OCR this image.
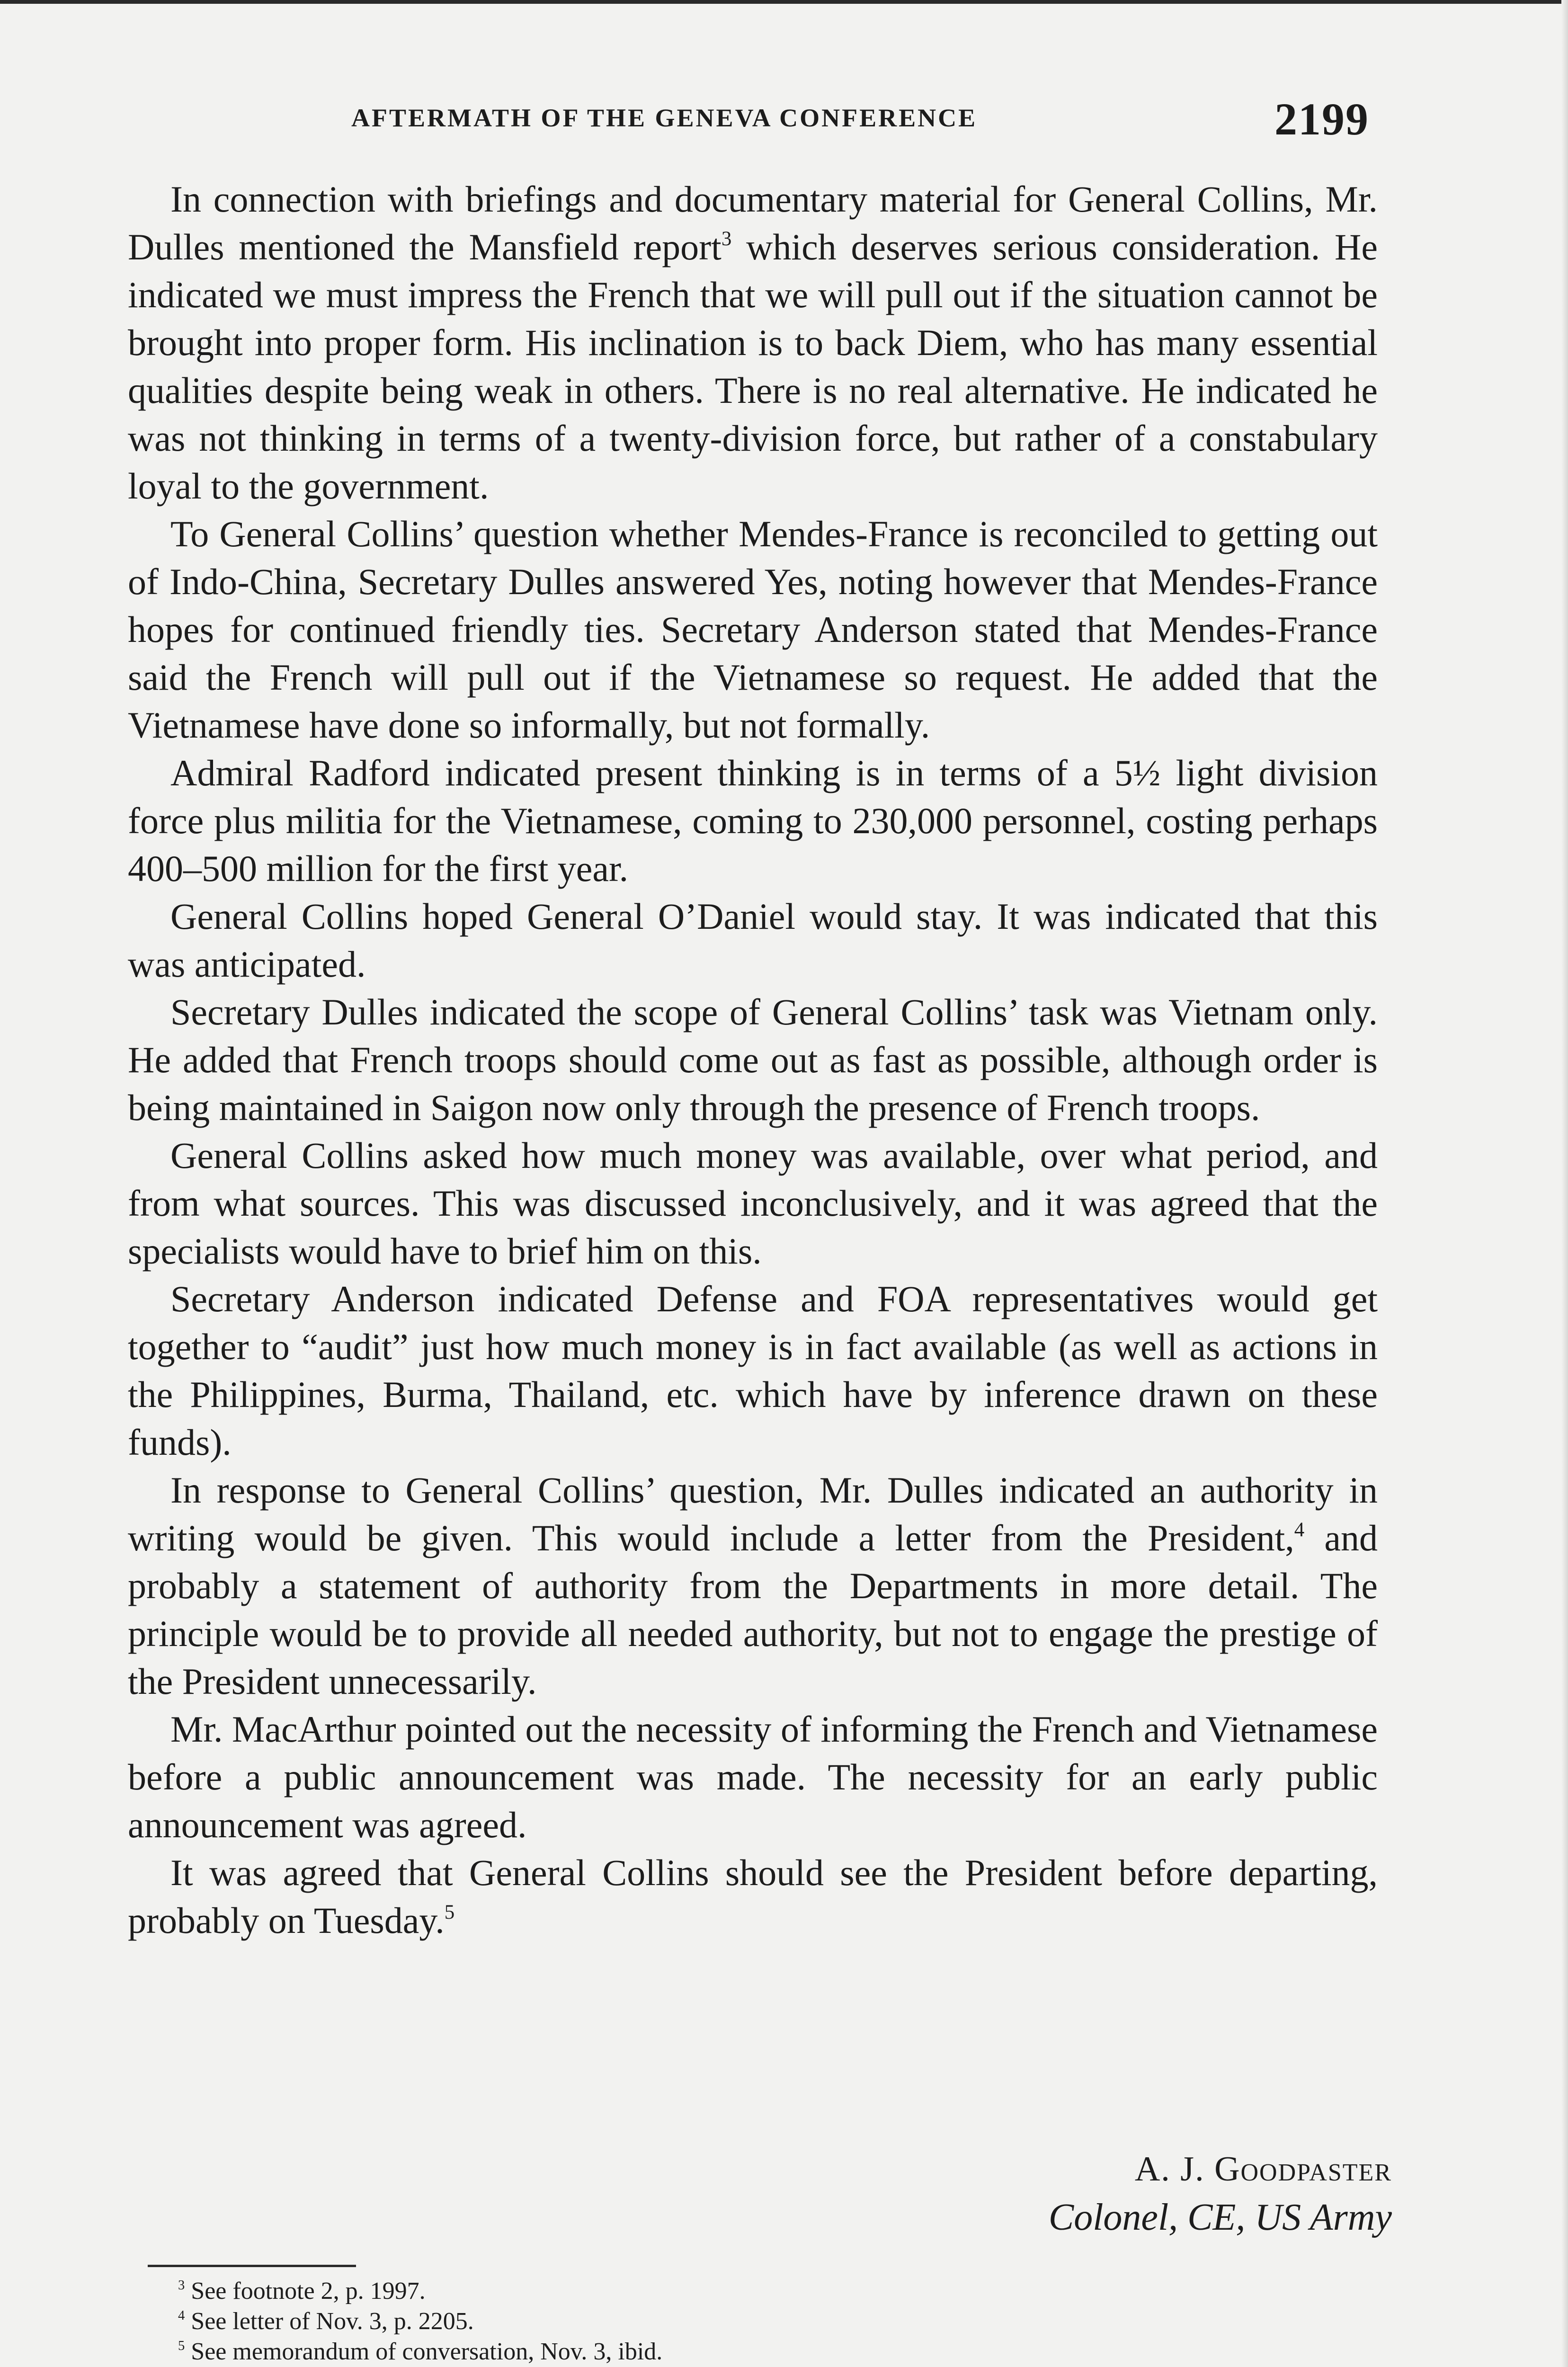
AFTERMATH OF THE GENEVA CONFERENCE	2199

In connection with briefings and documentary material for General Collins, Mr. Dulles mentioned the Mansfield report$^3$ which deserves serious consideration. He indicated we must impress the French that we will pull out if the situation cannot be brought into proper form. His inclination is to back Diem, who has many essential qualities despite being weak in others. There is no real alternative. He indicated he was not thinking in terms of a twenty-division force, but rather of a constabulary loyal to the government.

To General Collins’ question whether Mendes-France is reconciled to getting out of Indo-China, Secretary Dulles answered Yes, noting however that Mendes-France hopes for continued friendly ties. Secretary Anderson stated that Mendes-France said the French will pull out if the Vietnamese so request. He added that the Vietnamese have done so informally, but not formally.

Admiral Radford indicated present thinking is in terms of a 5½ light division force plus militia for the Vietnamese, coming to 230,000 personnel, costing perhaps 400–500 million for the first year.

General Collins hoped General O’Daniel would stay. It was indicated that this was anticipated.

Secretary Dulles indicated the scope of General Collins’ task was Vietnam only. He added that French troops should come out as fast as possible, although order is being maintained in Saigon now only through the presence of French troops.

General Collins asked how much money was available, over what period, and from what sources. This was discussed inconclusively, and it was agreed that the specialists would have to brief him on this.

Secretary Anderson indicated Defense and FOA representatives would get together to “audit” just how much money is in fact available (as well as actions in the Philippines, Burma, Thailand, etc. which have by inference drawn on these funds).

In response to General Collins’ question, Mr. Dulles indicated an authority in writing would be given. This would include a letter from the President,$^4$ and probably a statement of authority from the Departments in more detail. The principle would be to provide all needed authority, but not to engage the prestige of the President unnecessarily.

Mr. MacArthur pointed out the necessity of informing the French and Vietnamese before a public announcement was made. The necessity for an early public announcement was agreed.

It was agreed that General Collins should see the President before departing, probably on Tuesday.$^5$

A. J. Goodpaster
Colonel, CE, US Army
$^3$ See footnote 2, p. 1997.
$^4$ See letter of Nov. 3, p. 2205.
$^5$ See memorandum of conversation, Nov. 3, ibid.
